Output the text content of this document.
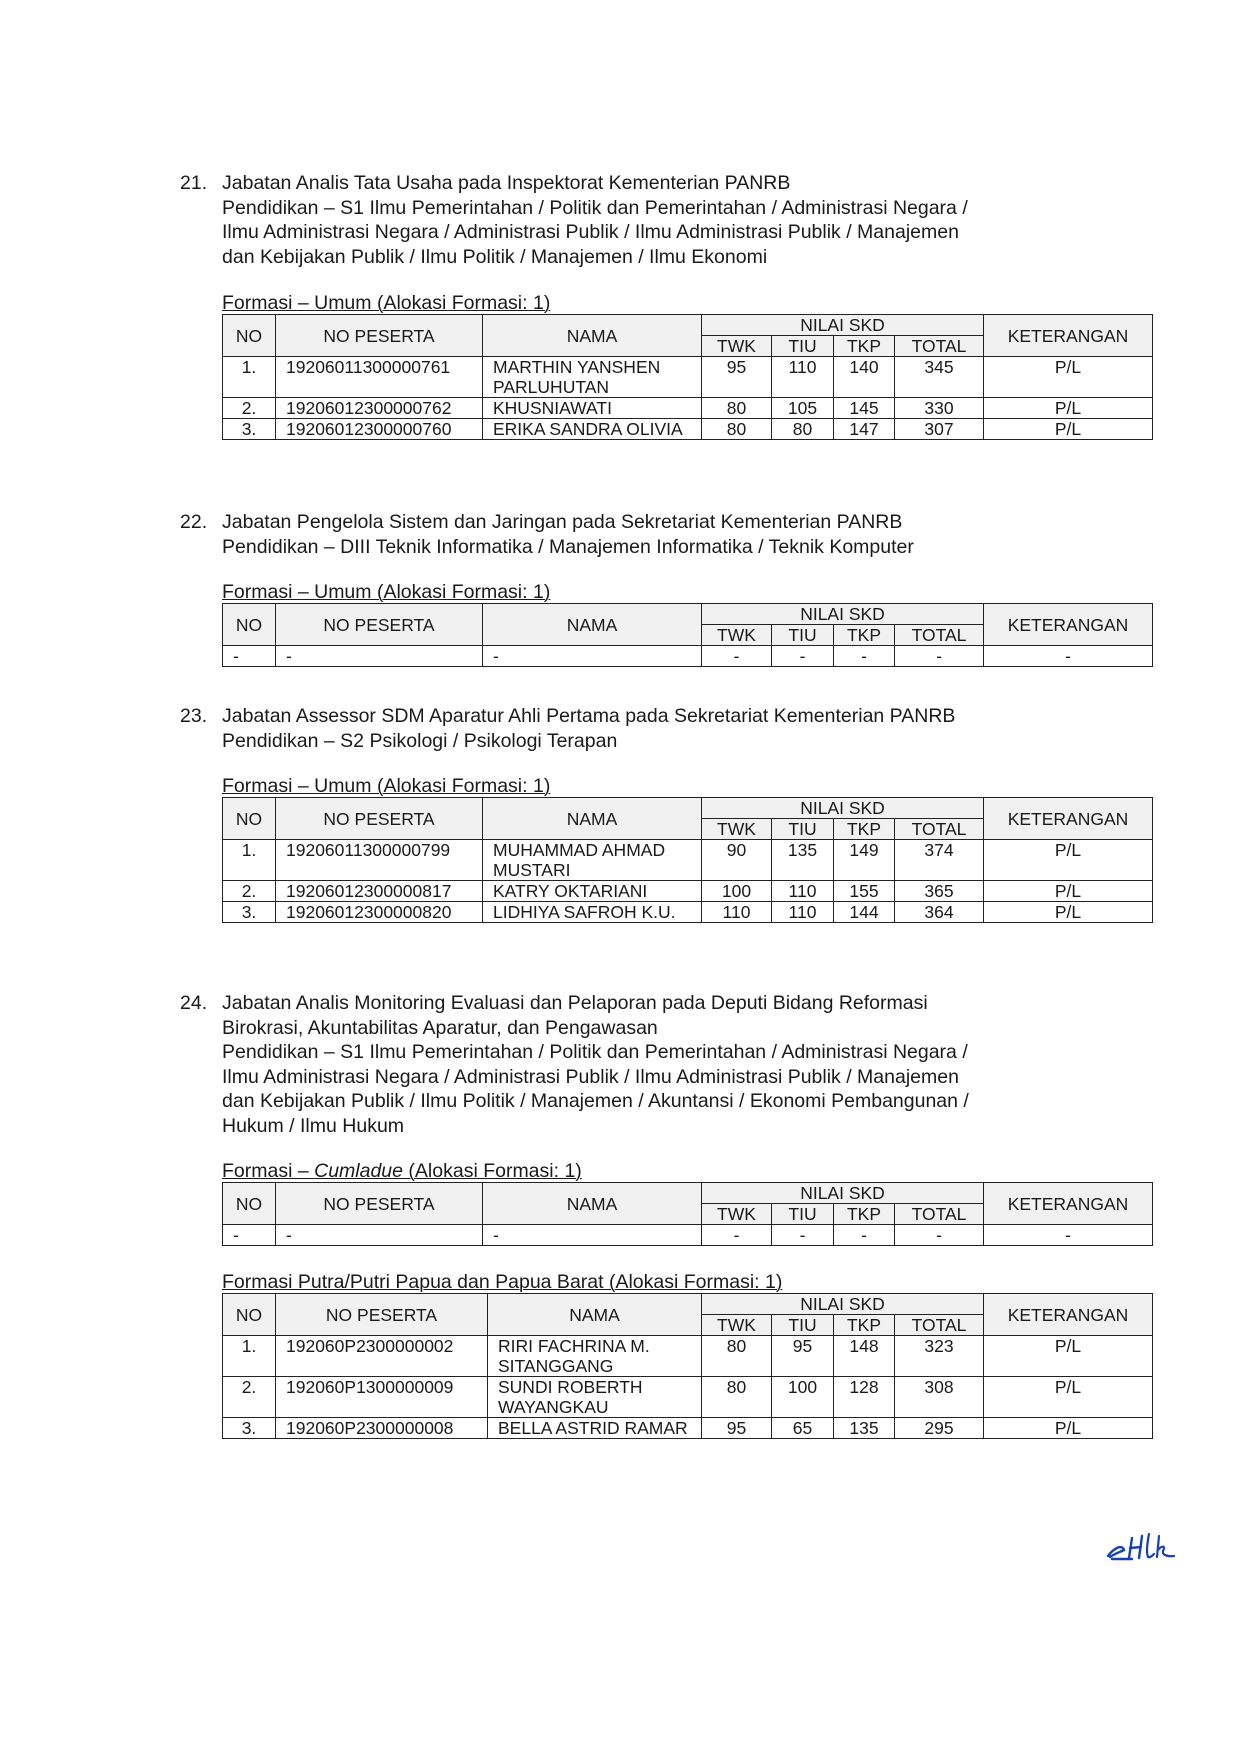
21. Jabatan Analis Tata Usaha pada Inspektorat Kementerian PANRB
Pendidikan – S1 Ilmu Pemerintahan / Politik dan Pemerintahan / Administrasi Negara /
Ilmu Administrasi Negara / Administrasi Publik / Ilmu Administrasi Publik / Manajemen
dan Kebijakan Publik / Ilmu Politik / Manajemen / Ilmu Ekonomi
Formasi – Umum (Alokasi Formasi: 1)
NO	NO PESERTA	NAMA	NILAI SKD				KETERANGAN
			TWK	TIU	TKP	TOTAL	
1.	19206011300000761	MARTHIN YANSHEN PARLUHUTAN	95	110	140	345	P/L
2.	19206012300000762	KHUSNIAWATI	80	105	145	330	P/L
3.	19206012300000760	ERIKA SANDRA OLIVIA	80	80	147	307	P/L
22. Jabatan Pengelola Sistem dan Jaringan pada Sekretariat Kementerian PANRB
Pendidikan – DIII Teknik Informatika / Manajemen Informatika / Teknik Komputer
Formasi – Umum (Alokasi Formasi: 1)
NO	NO PESERTA	NAMA	NILAI SKD				KETERANGAN
			TWK	TIU	TKP	TOTAL	
-	-	-	-	-	-	-	-
23. Jabatan Assessor SDM Aparatur Ahli Pertama pada Sekretariat Kementerian PANRB
Pendidikan – S2 Psikologi / Psikologi Terapan
Formasi – Umum (Alokasi Formasi: 1)
NO	NO PESERTA	NAMA	NILAI SKD				KETERANGAN
			TWK	TIU	TKP	TOTAL	
1.	19206011300000799	MUHAMMAD AHMAD MUSTARI	90	135	149	374	P/L
2.	19206012300000817	KATRY OKTARIANI	100	110	155	365	P/L
3.	19206012300000820	LIDHIYA SAFROH K.U.	110	110	144	364	P/L
24. Jabatan Analis Monitoring Evaluasi dan Pelaporan pada Deputi Bidang Reformasi
Birokrasi, Akuntabilitas Aparatur, dan Pengawasan
Pendidikan – S1 Ilmu Pemerintahan / Politik dan Pemerintahan / Administrasi Negara /
Ilmu Administrasi Negara / Administrasi Publik / Ilmu Administrasi Publik / Manajemen
dan Kebijakan Publik / Ilmu Politik / Manajemen / Akuntansi / Ekonomi Pembangunan /
Hukum / Ilmu Hukum
Formasi – Cumladue (Alokasi Formasi: 1)
NO	NO PESERTA	NAMA	NILAI SKD				KETERANGAN
			TWK	TIU	TKP	TOTAL	
-	-	-	-	-	-	-	-
Formasi Putra/Putri Papua dan Papua Barat (Alokasi Formasi: 1)
NO	NO PESERTA	NAMA	NILAI SKD				KETERANGAN
			TWK	TIU	TKP	TOTAL	
1.	192060P2300000002	RIRI FACHRINA M. SITANGGANG	80	95	148	323	P/L
2.	192060P1300000009	SUNDI ROBERTH WAYANGKAU	80	100	128	308	P/L
3.	192060P2300000008	BELLA ASTRID RAMAR	95	65	135	295	P/L
